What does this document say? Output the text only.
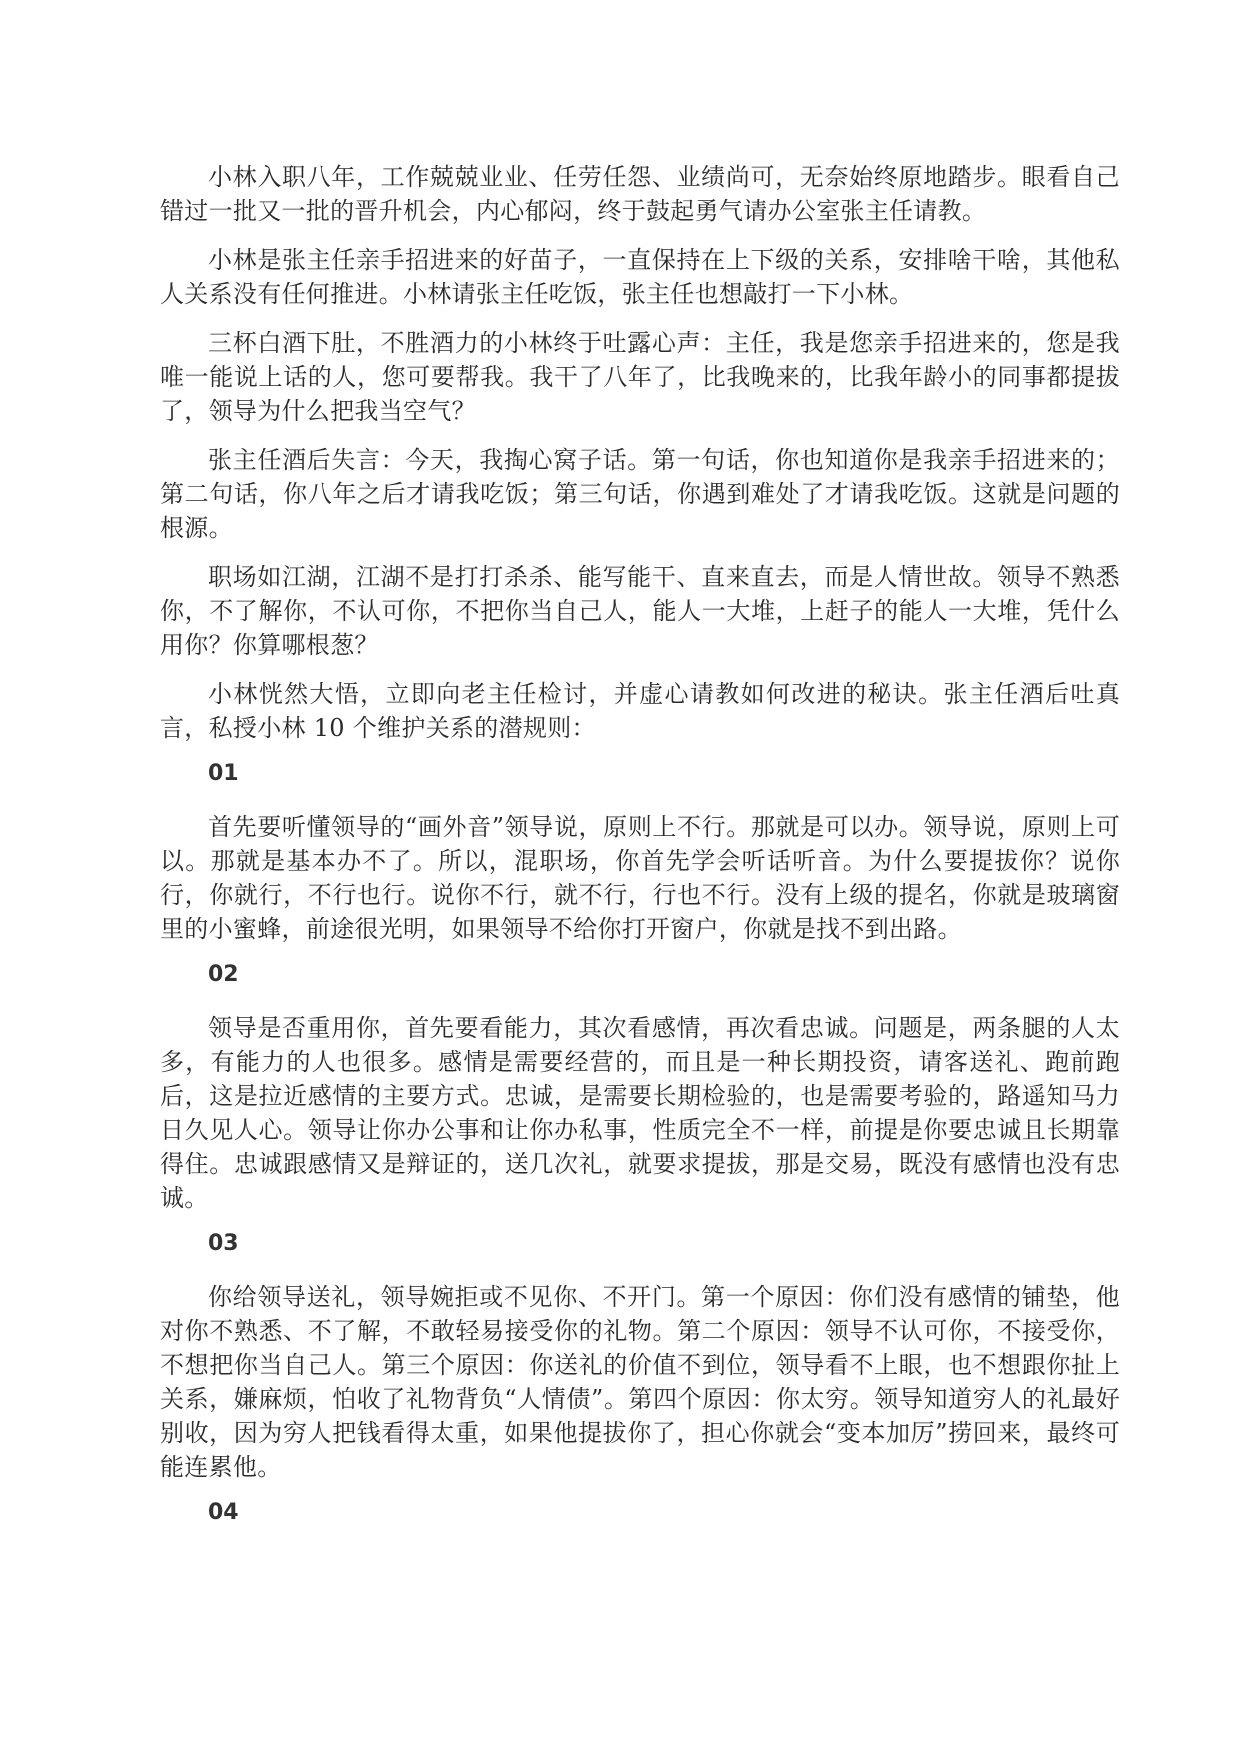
小林入职八年，工作兢兢业业、任劳任怨、业绩尚可，无奈始终原地踏步。眼看自己错过一批又一批的晋升机会，内心郁闷，终于鼓起勇气请办公室张主任请教。

小林是张主任亲手招进来的好苗子，一直保持在上下级的关系，安排啥干啥，其他私人关系没有任何推进。小林请张主任吃饭，张主任也想敲打一下小林。

三杯白酒下肚，不胜酒力的小林终于吐露心声：主任，我是您亲手招进来的，您是我唯一能说上话的人，您可要帮我。我干了八年了，比我晚来的，比我年龄小的同事都提拔了，领导为什么把我当空气？

张主任酒后失言：今天，我掏心窝子话。第一句话，你也知道你是我亲手招进来的；第二句话，你八年之后才请我吃饭；第三句话，你遇到难处了才请我吃饭。这就是问题的根源。

职场如江湖，江湖不是打打杀杀、能写能干、直来直去，而是人情世故。领导不熟悉你，不了解你，不认可你，不把你当自己人，能人一大堆，上赶子的能人一大堆，凭什么用你？你算哪根葱？

小林恍然大悟，立即向老主任检讨，并虚心请教如何改进的秘诀。张主任酒后吐真言，私授小林 10 个维护关系的潜规则：

01

首先要听懂领导的“画外音”领导说，原则上不行。那就是可以办。领导说，原则上可以。那就是基本办不了。所以，混职场，你首先学会听话听音。为什么要提拔你？说你行，你就行，不行也行。说你不行，就不行，行也不行。没有上级的提名，你就是玻璃窗里的小蜜蜂，前途很光明，如果领导不给你打开窗户，你就是找不到出路。

02

领导是否重用你，首先要看能力，其次看感情，再次看忠诚。问题是，两条腿的人太多，有能力的人也很多。感情是需要经营的，而且是一种长期投资，请客送礼、跑前跑后，这是拉近感情的主要方式。忠诚，是需要长期检验的，也是需要考验的，路遥知马力日久见人心。领导让你办公事和让你办私事，性质完全不一样，前提是你要忠诚且长期靠得住。忠诚跟感情又是辩证的，送几次礼，就要求提拔，那是交易，既没有感情也没有忠诚。

03

你给领导送礼，领导婉拒或不见你、不开门。第一个原因：你们没有感情的铺垫，他对你不熟悉、不了解，不敢轻易接受你的礼物。第二个原因：领导不认可你，不接受你，不想把你当自己人。第三个原因：你送礼的价值不到位，领导看不上眼，也不想跟你扯上关系，嫌麻烦，怕收了礼物背负“人情债”。第四个原因：你太穷。领导知道穷人的礼最好别收，因为穷人把钱看得太重，如果他提拔你了，担心你就会“变本加厉”捞回来，最终可能连累他。

04
